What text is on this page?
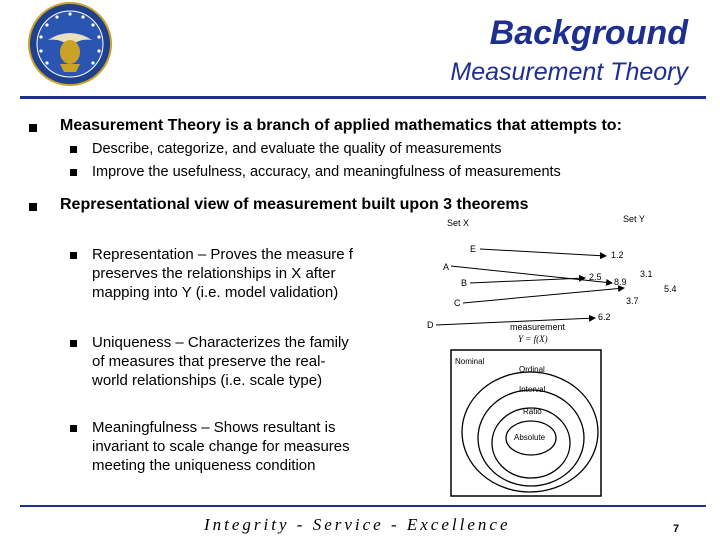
Background
Measurement Theory
Measurement Theory is a branch of applied mathematics that attempts to:
Describe, categorize, and evaluate the quality of measurements
Improve the usefulness, accuracy, and meaningfulness of measurements
Representational view of measurement built upon 3 theorems
Representation – Proves the measure f
preserves the relationships in X after
mapping into Y (i.e. model validation)
Uniqueness – Characterizes the family
of measures that preserve the real-
world relationships (i.e. scale type)
Meaningfulness – Shows resultant is
invariant to scale change for measures
meeting the uniqueness condition
Set X	Set Y
E
A
B
C
D
1.2
3.1
2.5 8.9
5.4
3.7
6.2
measurement
Y = f(X)
Nominal
Ordinal
Interval
Ratio
Absolute
Integrity - Service - Excellence	7
